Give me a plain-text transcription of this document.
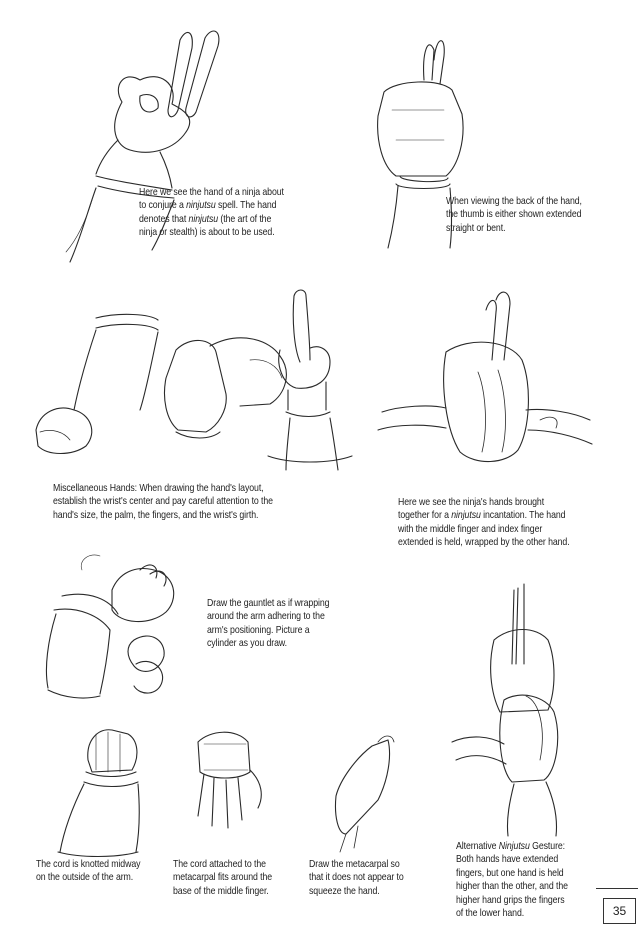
Here we see the hand of a ninja about
to conjure a ninjutsu spell. The hand
denotes that ninjutsu (the art of the
ninja or stealth) is about to be used.
When viewing the back of the hand,
the thumb is either shown extended
straight or bent.
Miscellaneous Hands: When drawing the hand's layout,
establish the wrist's center and pay careful attention to the
hand's size, the palm, the fingers, and the wrist's girth.
Here we see the ninja's hands brought
together for a ninjutsu incantation. The hand
with the middle finger and index finger
extended is held, wrapped by the other hand.
Draw the gauntlet as if wrapping
around the arm adhering to the
arm's positioning. Picture a
cylinder as you draw.
The cord is knotted midway
on the outside of the arm.
The cord attached to the
metacarpal fits around the
base of the middle finger.
Draw the metacarpal so
that it does not appear to
squeeze the hand.
Alternative Ninjutsu Gesture:
Both hands have extended
fingers, but one hand is held
higher than the other, and the
higher hand grips the fingers
of the lower hand.	35
